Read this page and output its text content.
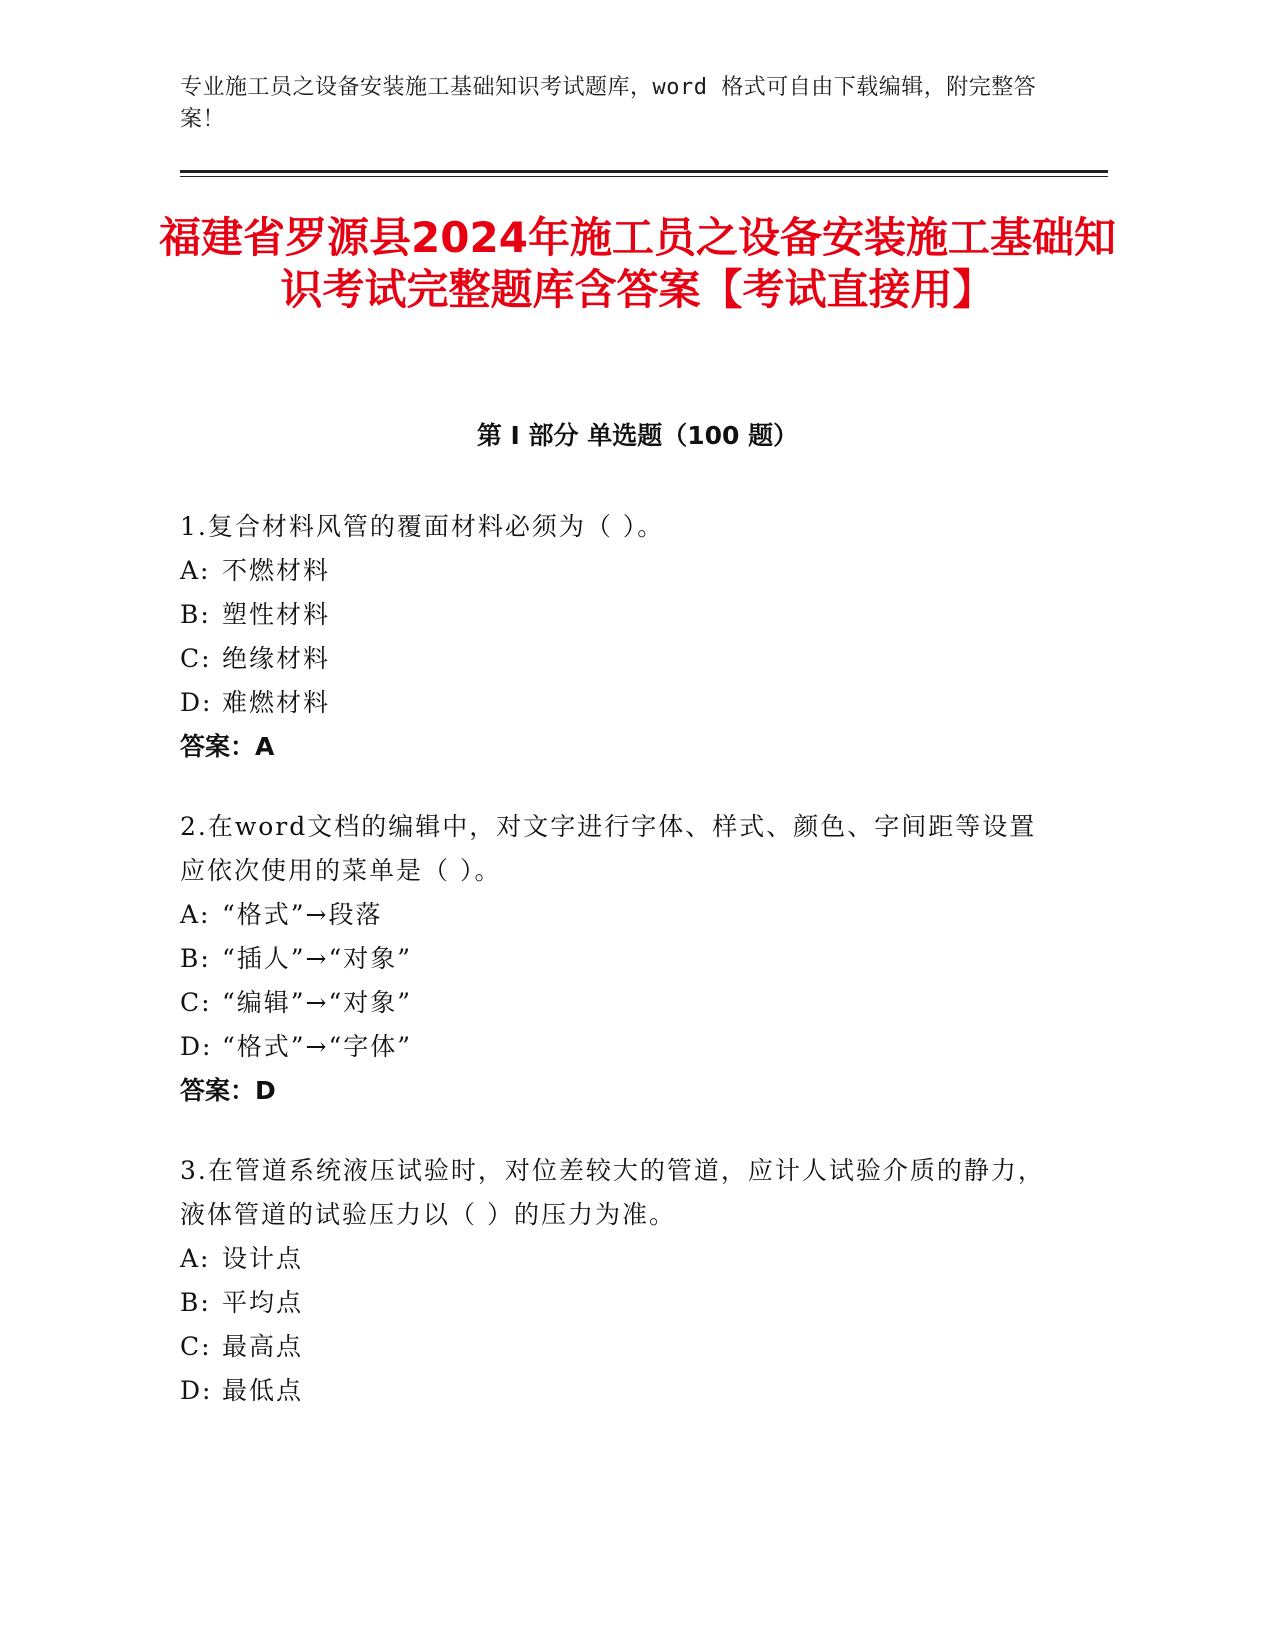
专业施工员之设备安装施工基础知识考试题库，word 格式可自由下载编辑，附完整答案！
福建省罗源县2024年施工员之设备安装施工基础知识考试完整题库含答案【考试直接用】
第 I 部分 单选题（100 题）
1.复合材料风管的覆面材料必须为（ ）。
A: 不燃材料
B: 塑性材料
C: 绝缘材料
D: 难燃材料
答案：A
2.在word文档的编辑中，对文字进行字体、样式、颜色、字间距等设置应依次使用的菜单是（ ）。
A: “格式”→段落
B: “插人”→“对象”
C: “编辑”→“对象”
D: “格式”→“字体”
答案：D
3.在管道系统液压试验时，对位差较大的管道，应计人试验介质的静力，液体管道的试验压力以（ ）的压力为准。
A: 设计点
B: 平均点
C: 最高点
D: 最低点
